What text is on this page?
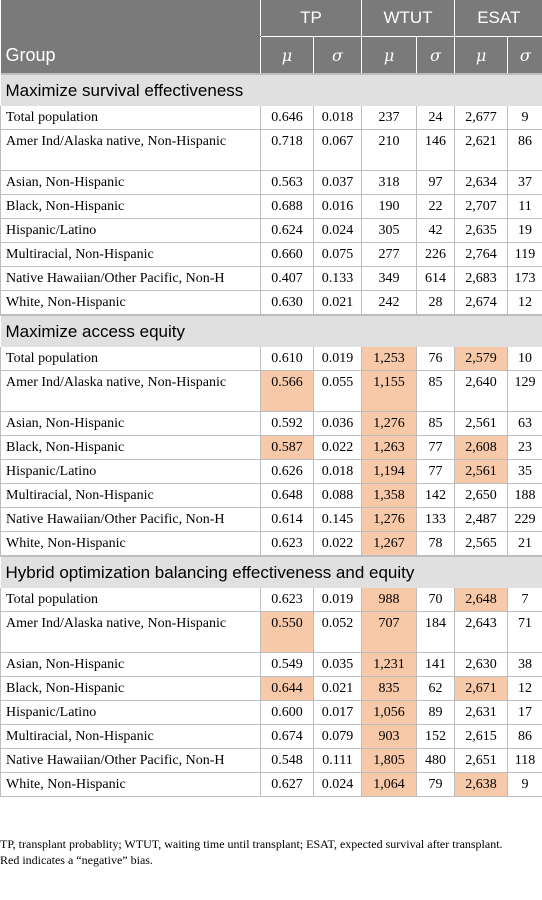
	TP		WTUT		ESAT	
Group	μ	σ	μ	σ	μ	σ
Maximize survival effectiveness						
Total population	0.646	0.018	237	24	2,677	9
Amer Ind/Alaska native, Non-Hispanic	0.718	0.067	210	146	2,621	86
Asian, Non-Hispanic	0.563	0.037	318	97	2,634	37
Black, Non-Hispanic	0.688	0.016	190	22	2,707	11
Hispanic/Latino	0.624	0.024	305	42	2,635	19
Multiracial, Non-Hispanic	0.660	0.075	277	226	2,764	119
Native Hawaiian/Other Pacific, Non-H	0.407	0.133	349	614	2,683	173
White, Non-Hispanic	0.630	0.021	242	28	2,674	12
Maximize access equity						
Total population	0.610	0.019	1,253	76	2,579	10
Amer Ind/Alaska native, Non-Hispanic	0.566	0.055	1,155	85	2,640	129
Asian, Non-Hispanic	0.592	0.036	1,276	85	2,561	63
Black, Non-Hispanic	0.587	0.022	1,263	77	2,608	23
Hispanic/Latino	0.626	0.018	1,194	77	2,561	35
Multiracial, Non-Hispanic	0.648	0.088	1,358	142	2,650	188
Native Hawaiian/Other Pacific, Non-H	0.614	0.145	1,276	133	2,487	229
White, Non-Hispanic	0.623	0.022	1,267	78	2,565	21
Hybrid optimization balancing effectiveness and equity						
Total population	0.623	0.019	988	70	2,648	7
Amer Ind/Alaska native, Non-Hispanic	0.550	0.052	707	184	2,643	71
Asian, Non-Hispanic	0.549	0.035	1,231	141	2,630	38
Black, Non-Hispanic	0.644	0.021	835	62	2,671	12
Hispanic/Latino	0.600	0.017	1,056	89	2,631	17
Multiracial, Non-Hispanic	0.674	0.079	903	152	2,615	86
Native Hawaiian/Other Pacific, Non-H	0.548	0.111	1,805	480	2,651	118
White, Non-Hispanic	0.627	0.024	1,064	79	2,638	9

TP, transplant probablity; WTUT, waiting time until transplant; ESAT, expected survival after transplant.

Red indicates a “negative” bias.
